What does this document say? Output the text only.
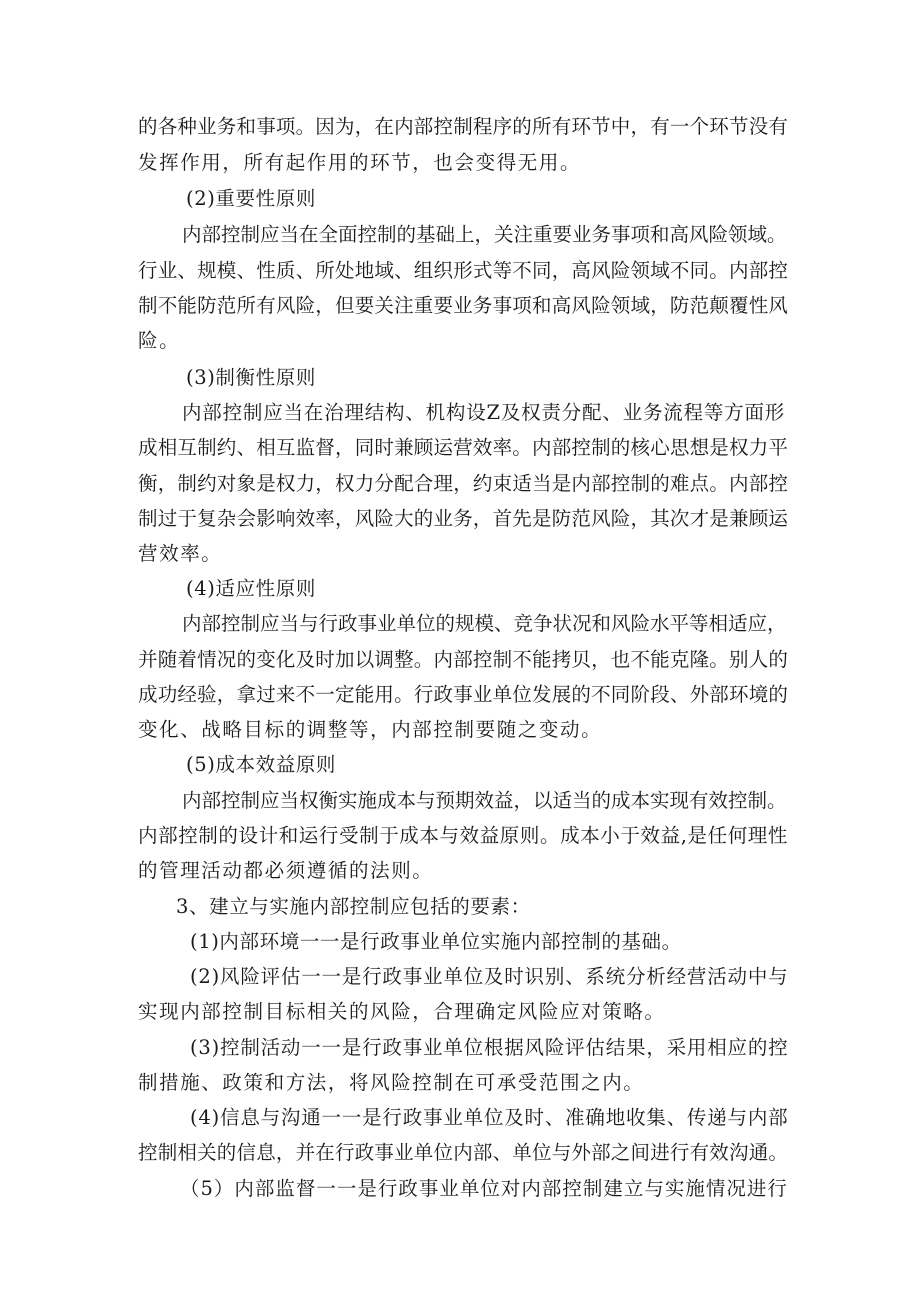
的各种业务和事项。因为，在内部控制程序的所有环节中，有一个环节没有
发挥作用，所有起作用的环节，也会变得无用。
(2)重要性原则
内部控制应当在全面控制的基础上，关注重要业务事项和高风险领域。
行业、规模、性质、所处地域、组织形式等不同，高风险领域不同。内部控
制不能防范所有风险，但要关注重要业务事项和高风险领域，防范颠覆性风
险。
(3)制衡性原则
内部控制应当在治理结构、机构设Z及权责分配、业务流程等方面形
成相互制约、相互监督，同时兼顾运营效率。内部控制的核心思想是权力平
衡，制约对象是权力，权力分配合理，约束适当是内部控制的难点。内部控
制过于复杂会影响效率，风险大的业务，首先是防范风险，其次才是兼顾运
营效率。
(4)适应性原则
内部控制应当与行政事业单位的规模、竞争状况和风险水平等相适应，
并随着情况的变化及时加以调整。内部控制不能拷贝，也不能克隆。别人的
成功经验，拿过来不一定能用。行政事业单位发展的不同阶段、外部环境的
变化、战略目标的调整等，内部控制要随之变动。
(5)成本效益原则
内部控制应当权衡实施成本与预期效益，以适当的成本实现有效控制。
内部控制的设计和运行受制于成本与效益原则。成本小于效益,是任何理性
的管理活动都必须遵循的法则。
3、建立与实施内部控制应包括的要素：
(1)内部环境一一是行政事业单位实施内部控制的基础。
(2)风险评估一一是行政事业单位及时识别、系统分析经营活动中与
实现内部控制目标相关的风险，合理确定风险应对策略。
(3)控制活动一一是行政事业单位根据风险评估结果，采用相应的控
制措施、政策和方法，将风险控制在可承受范围之内。
(4)信息与沟通一一是行政事业单位及时、准确地收集、传递与内部
控制相关的信息，并在行政事业单位内部、单位与外部之间进行有效沟通。
（5）内部监督一一是行政事业单位对内部控制建立与实施情况进行
